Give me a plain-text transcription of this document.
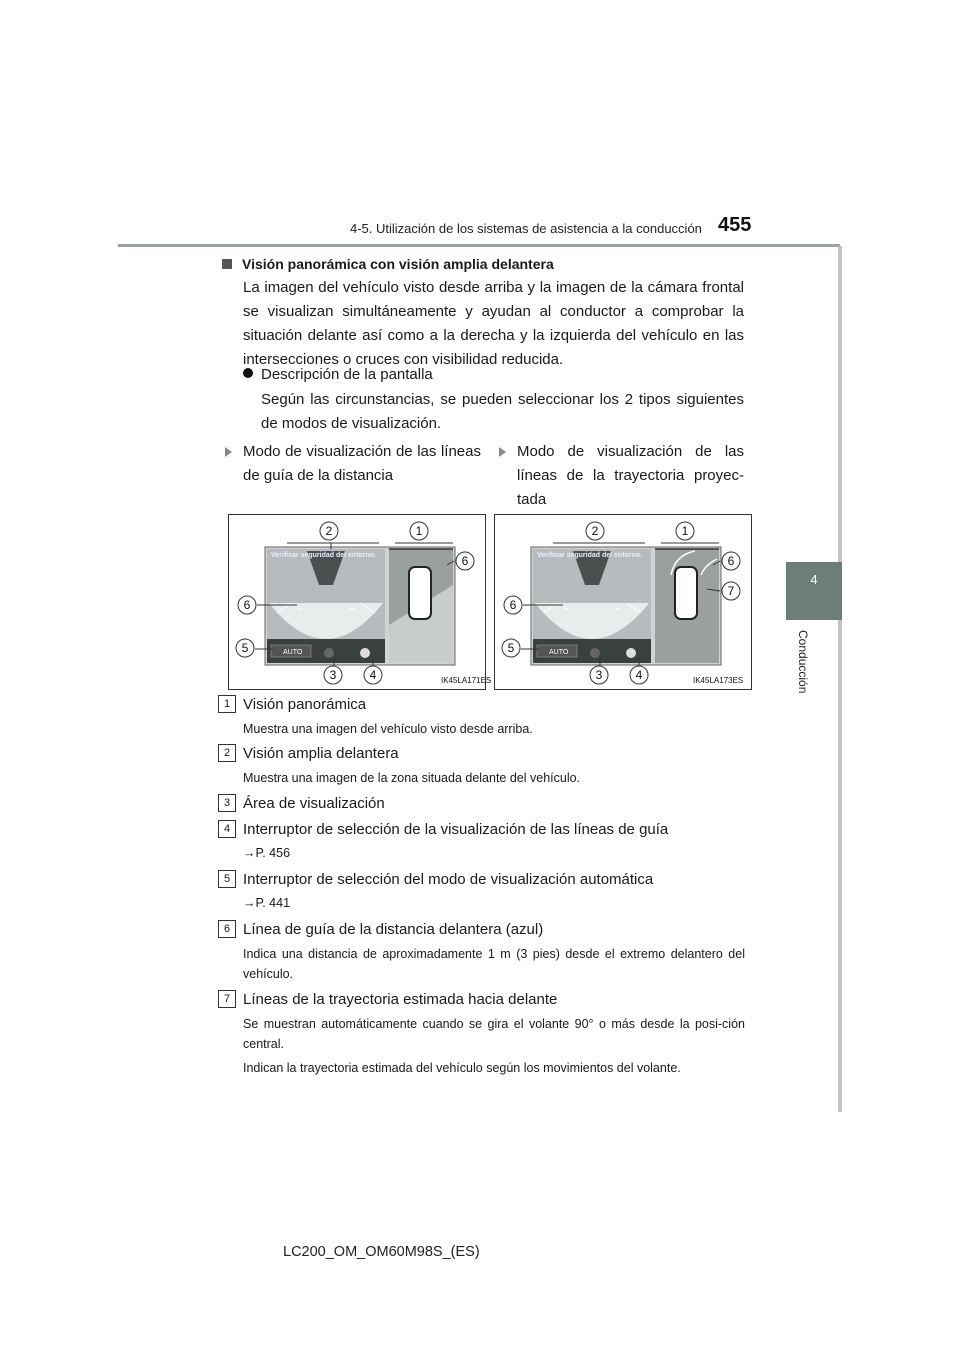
4-5. Utilización de los sistemas de asistencia a la conducción 455
4
Conducción
Visión panorámica con visión amplia delantera
La imagen del vehículo visto desde arriba y la imagen de la cámara frontal se visualizan simultáneamente y ayudan al conductor a comprobar la situación delante así como a la derecha y la izquierda del vehículo en las intersecciones o cruces con visibilidad reducida.
Descripción de la pantalla
Según las circunstancias, se pueden seleccionar los 2 tipos siguientes de modos de visualización.
Modo de visualización de las líneas de guía de la distancia
Modo de visualización de las líneas de la trayectoria proyec-tada
Verificar seguridad del entorno.
AUTO
2	1
6
6
5
3	4	IK45LA171ES
Verificar seguridad del entorno.
AUTO
2	1
6
7
6
5
3	4	IK45LA173ES
1 Visión panorámica
Muestra una imagen del vehículo visto desde arriba.
2 Visión amplia delantera
Muestra una imagen de la zona situada delante del vehículo.
3 Área de visualización
4 Interruptor de selección de la visualización de las líneas de guía
→P. 456
5 Interruptor de selección del modo de visualización automática
→P. 441
6 Línea de guía de la distancia delantera (azul)
Indica una distancia de aproximadamente 1 m (3 pies) desde el extremo delantero del vehículo.
7 Líneas de la trayectoria estimada hacia delante
Se muestran automáticamente cuando se gira el volante 90° o más desde la posi-ción central.
Indican la trayectoria estimada del vehículo según los movimientos del volante.
LC200_OM_OM60M98S_(ES)
